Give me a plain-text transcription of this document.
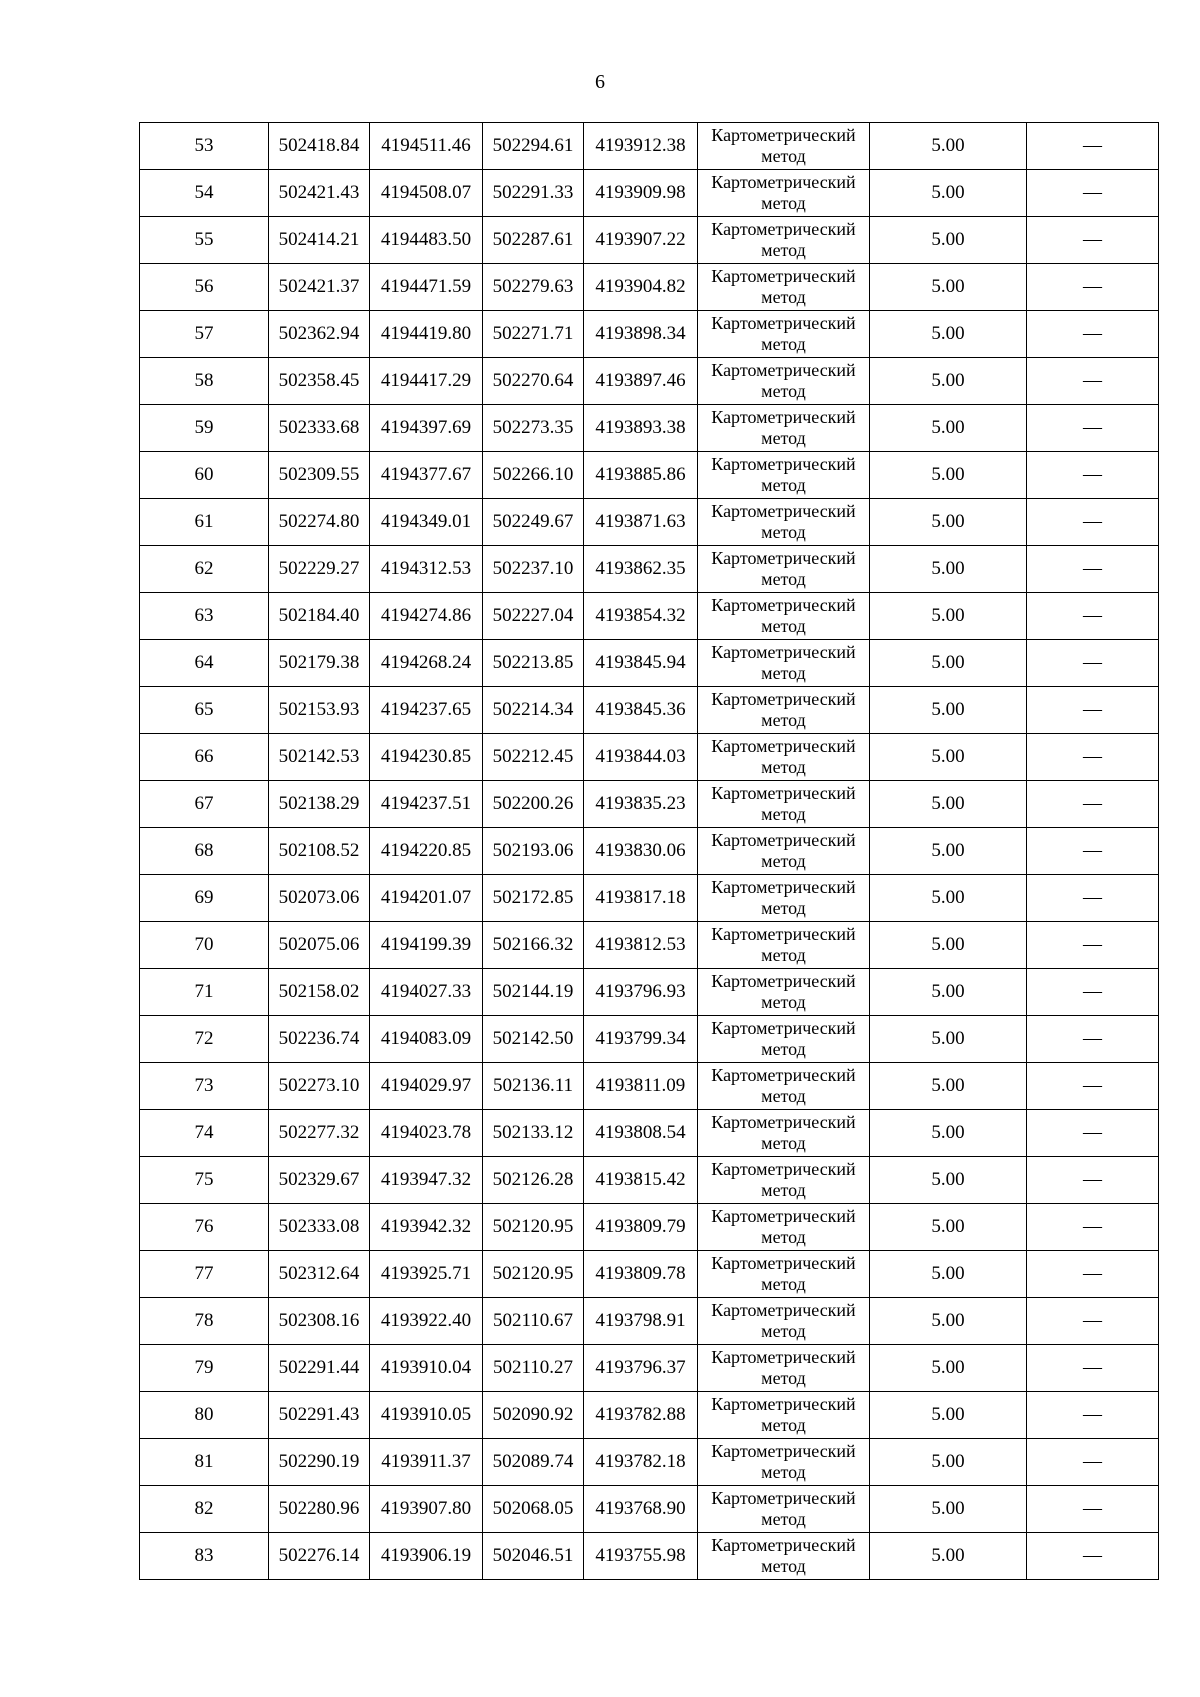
6
53	502418.84	4194511.46	502294.61	4193912.38	Картометрический
метод	5.00	—
54	502421.43	4194508.07	502291.33	4193909.98	Картометрический
метод	5.00	—
55	502414.21	4194483.50	502287.61	4193907.22	Картометрический
метод	5.00	—
56	502421.37	4194471.59	502279.63	4193904.82	Картометрический
метод	5.00	—
57	502362.94	4194419.80	502271.71	4193898.34	Картометрический
метод	5.00	—
58	502358.45	4194417.29	502270.64	4193897.46	Картометрический
метод	5.00	—
59	502333.68	4194397.69	502273.35	4193893.38	Картометрический
метод	5.00	—
60	502309.55	4194377.67	502266.10	4193885.86	Картометрический
метод	5.00	—
61	502274.80	4194349.01	502249.67	4193871.63	Картометрический
метод	5.00	—
62	502229.27	4194312.53	502237.10	4193862.35	Картометрический
метод	5.00	—
63	502184.40	4194274.86	502227.04	4193854.32	Картометрический
метод	5.00	—
64	502179.38	4194268.24	502213.85	4193845.94	Картометрический
метод	5.00	—
65	502153.93	4194237.65	502214.34	4193845.36	Картометрический
метод	5.00	—
66	502142.53	4194230.85	502212.45	4193844.03	Картометрический
метод	5.00	—
67	502138.29	4194237.51	502200.26	4193835.23	Картометрический
метод	5.00	—
68	502108.52	4194220.85	502193.06	4193830.06	Картометрический
метод	5.00	—
69	502073.06	4194201.07	502172.85	4193817.18	Картометрический
метод	5.00	—
70	502075.06	4194199.39	502166.32	4193812.53	Картометрический
метод	5.00	—
71	502158.02	4194027.33	502144.19	4193796.93	Картометрический
метод	5.00	—
72	502236.74	4194083.09	502142.50	4193799.34	Картометрический
метод	5.00	—
73	502273.10	4194029.97	502136.11	4193811.09	Картометрический
метод	5.00	—
74	502277.32	4194023.78	502133.12	4193808.54	Картометрический
метод	5.00	—
75	502329.67	4193947.32	502126.28	4193815.42	Картометрический
метод	5.00	—
76	502333.08	4193942.32	502120.95	4193809.79	Картометрический
метод	5.00	—
77	502312.64	4193925.71	502120.95	4193809.78	Картометрический
метод	5.00	—
78	502308.16	4193922.40	502110.67	4193798.91	Картометрический
метод	5.00	—
79	502291.44	4193910.04	502110.27	4193796.37	Картометрический
метод	5.00	—
80	502291.43	4193910.05	502090.92	4193782.88	Картометрический
метод	5.00	—
81	502290.19	4193911.37	502089.74	4193782.18	Картометрический
метод	5.00	—
82	502280.96	4193907.80	502068.05	4193768.90	Картометрический
метод	5.00	—
83	502276.14	4193906.19	502046.51	4193755.98	Картометрический
метод	5.00	—
